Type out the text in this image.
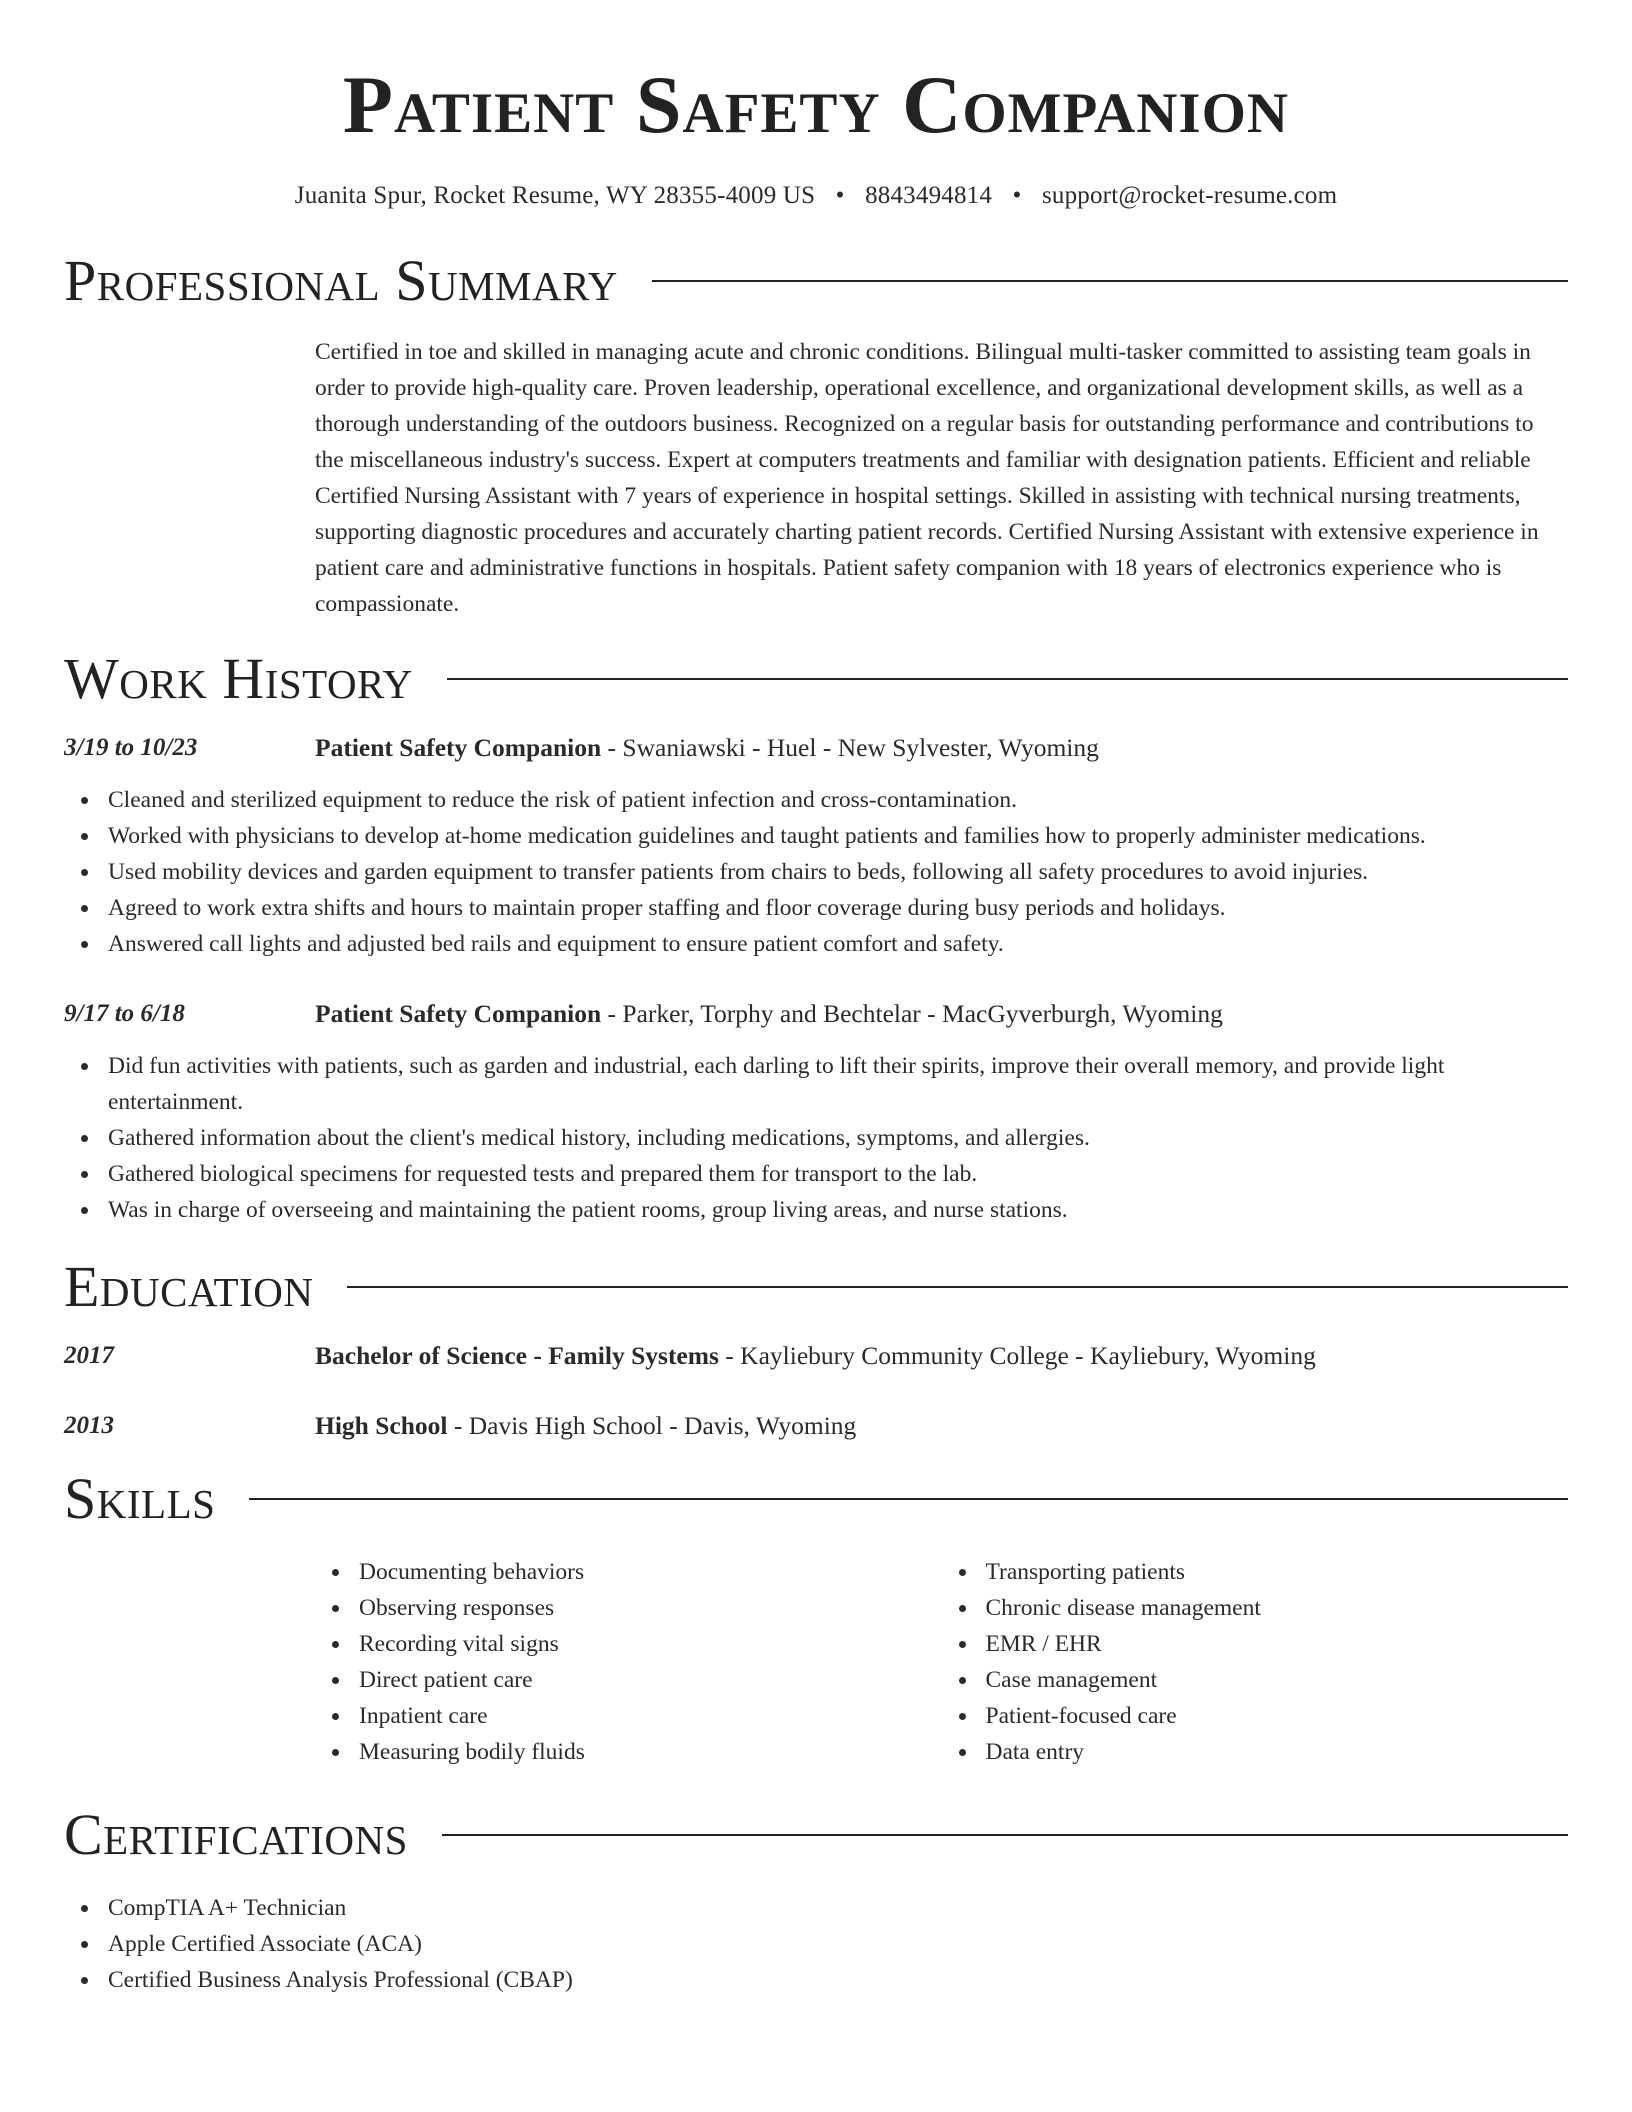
Patient Safety Companion
Juanita Spur, Rocket Resume, WY 28355-4009 US • 8843494814 • support@rocket-resume.com
Professional Summary
Certified in toe and skilled in managing acute and chronic conditions. Bilingual multi-tasker committed to assisting team goals in order to provide high-quality care. Proven leadership, operational excellence, and organizational development skills, as well as a thorough understanding of the outdoors business. Recognized on a regular basis for outstanding performance and contributions to the miscellaneous industry's success. Expert at computers treatments and familiar with designation patients. Efficient and reliable Certified Nursing Assistant with 7 years of experience in hospital settings. Skilled in assisting with technical nursing treatments, supporting diagnostic procedures and accurately charting patient records. Certified Nursing Assistant with extensive experience in patient care and administrative functions in hospitals. Patient safety companion with 18 years of electronics experience who is compassionate.
Work History
3/19 to 10/23	Patient Safety Companion - Swaniawski - Huel - New Sylvester, Wyoming
Cleaned and sterilized equipment to reduce the risk of patient infection and cross-contamination.
Worked with physicians to develop at-home medication guidelines and taught patients and families how to properly administer medications.
Used mobility devices and garden equipment to transfer patients from chairs to beds, following all safety procedures to avoid injuries.
Agreed to work extra shifts and hours to maintain proper staffing and floor coverage during busy periods and holidays.
Answered call lights and adjusted bed rails and equipment to ensure patient comfort and safety.
9/17 to 6/18	Patient Safety Companion - Parker, Torphy and Bechtelar - MacGyverburgh, Wyoming
Did fun activities with patients, such as garden and industrial, each darling to lift their spirits, improve their overall memory, and provide light entertainment.
Gathered information about the client's medical history, including medications, symptoms, and allergies.
Gathered biological specimens for requested tests and prepared them for transport to the lab.
Was in charge of overseeing and maintaining the patient rooms, group living areas, and nurse stations.
Education
2017	Bachelor of Science - Family Systems - Kayliebury Community College - Kayliebury, Wyoming
2013	High School - Davis High School - Davis, Wyoming
Skills
Documenting behaviors
Observing responses
Recording vital signs
Direct patient care
Inpatient care
Measuring bodily fluids
Transporting patients
Chronic disease management
EMR / EHR
Case management
Patient-focused care
Data entry
Certifications
CompTIA A+ Technician
Apple Certified Associate (ACA)
Certified Business Analysis Professional (CBAP)
